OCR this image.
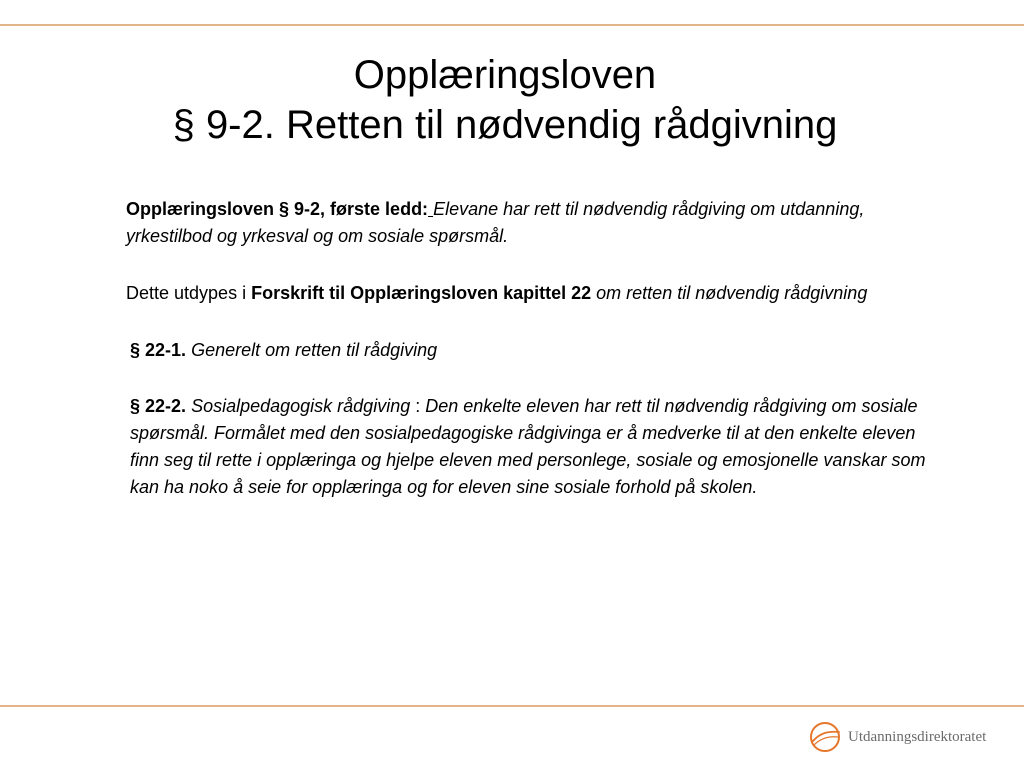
Opplæringsloven
§ 9-2. Retten til nødvendig rådgivning

Opplæringsloven § 9-2, første ledd: Elevane har rett til nødvendig rådgiving om utdanning, yrkestilbod og yrkesval og om sosiale spørsmål.

Dette utdypes i Forskrift til Opplæringsloven kapittel 22 om retten til nødvendig rådgivning

§ 22-1. Generelt om retten til rådgiving

§ 22-2. Sosialpedagogisk rådgiving : Den enkelte eleven har rett til nødvendig rådgiving om sosiale spørsmål. Formålet med den sosialpedagogiske rådgivinga er å medverke til at den enkelte eleven finn seg til rette i opplæringa og hjelpe eleven med personlege, sosiale og emosjonelle vanskar som kan ha noko å seie for opplæringa og for eleven sine sosiale forhold på skolen.

Utdanningsdirektoratet
